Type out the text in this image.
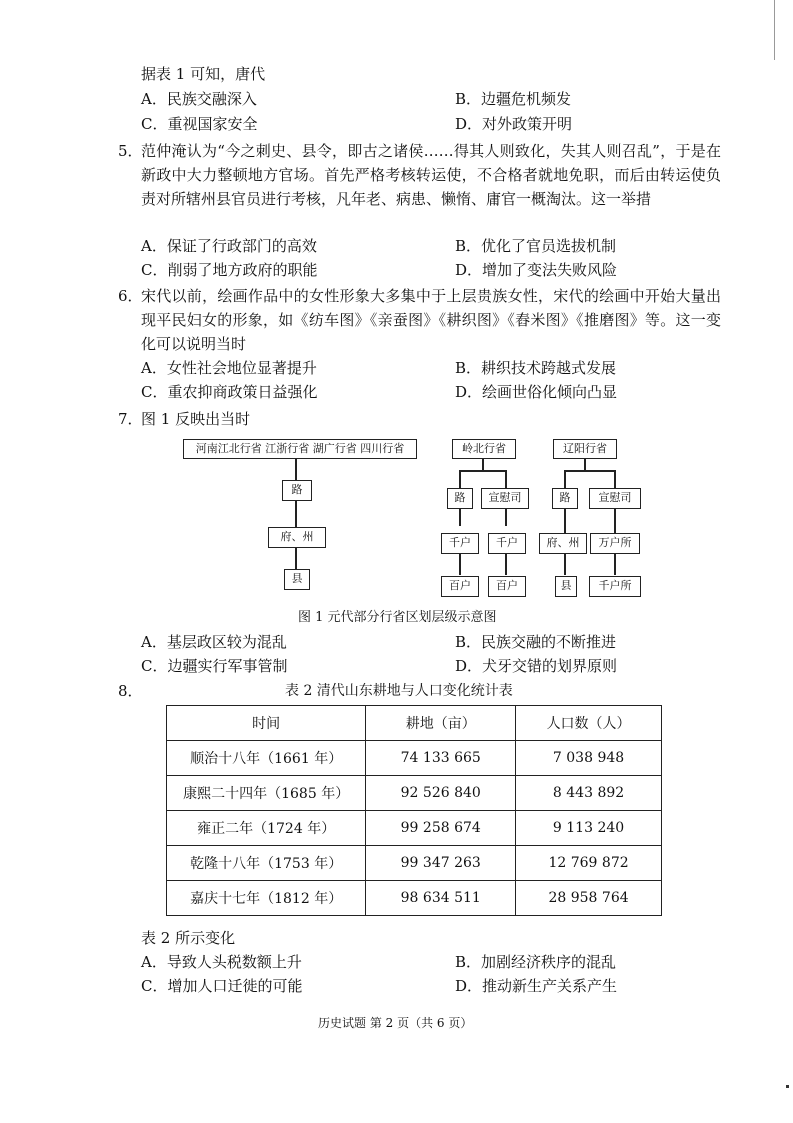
据表 1 可知，唐代
A．民族交融深入	B．边疆危机频发
C．重视国家安全	D．对外政策开明
5．
范仲淹认为“今之刺史、县令，即古之诸侯……得其人则致化，失其人则召乱”，于是在新政中大力整顿地方官场。首先严格考核转运使，不合格者就地免职，而后由转运使负责对所辖州县官员进行考核，凡年老、病患、懒惰、庸官一概淘汰。这一举措
A．保证了行政部门的高效	B．优化了官员选拔机制
C．削弱了地方政府的职能	D．增加了变法失败风险
6．
宋代以前，绘画作品中的女性形象大多集中于上层贵族女性，宋代的绘画中开始大量出现平民妇女的形象，如《纺车图》《亲蚕图》《耕织图》《舂米图》《推磨图》等。这一变化可以说明当时
A．女性社会地位显著提升	B．耕织技术跨越式发展
C．重农抑商政策日益强化	D．绘画世俗化倾向凸显
7．
图 1 反映出当时
河南江北行省 江浙行省 湖广行省 四川行省
路
府、州
县
岭北行省
路	宣慰司
千户	千户
百户	百户
辽阳行省
路	宣慰司
府、州	万户所
县	千户所
图 1 元代部分行省区划层级示意图
A．基层政区较为混乱	B．民族交融的不断推进
C．边疆实行军事管制	D．犬牙交错的划界原则
8．	表 2 清代山东耕地与人口变化统计表
时间	耕地（亩）	人口数（人）
顺治十八年（1661 年）	74 133 665	7 038 948
康熙二十四年（1685 年）	92 526 840	8 443 892
雍正二年（1724 年）	99 258 674	9 113 240
乾隆十八年（1753 年）	99 347 263	12 769 872
嘉庆十七年（1812 年）	98 634 511	28 958 764
表 2 所示变化
A．导致人头税数额上升	B．加剧经济秩序的混乱
C．增加人口迁徙的可能	D．推动新生产关系产生
历史试题 第 2 页（共 6 页）
